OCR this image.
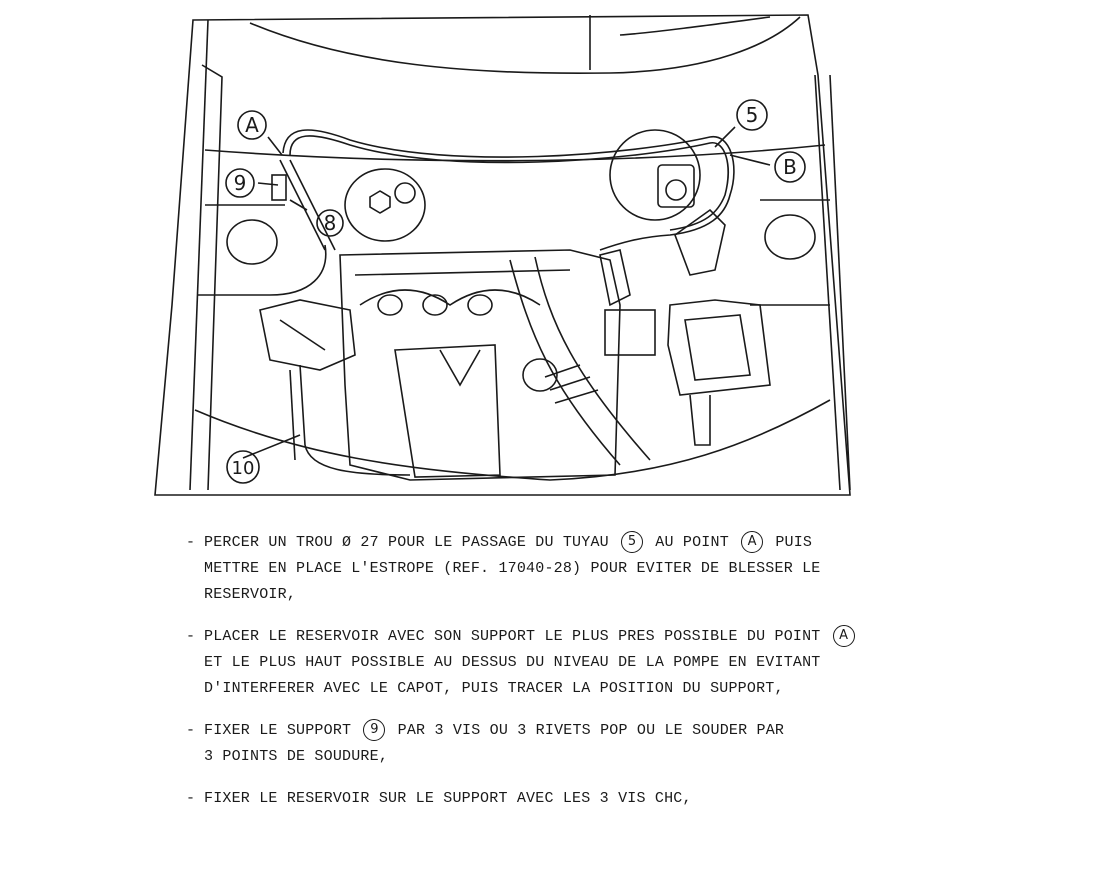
A
9
8
5
B
10
- PERCER UN TROU Ø 27 POUR LE PASSAGE DU TUYAU 5 AU POINT A PUIS
METTRE EN PLACE L'ESTROPE (REF. 17040-28) POUR EVITER DE BLESSER LE
RESERVOIR,
- PLACER LE RESERVOIR AVEC SON SUPPORT LE PLUS PRES POSSIBLE DU POINT A
ET LE PLUS HAUT POSSIBLE AU DESSUS DU NIVEAU DE LA POMPE EN EVITANT
D'INTERFERER AVEC LE CAPOT, PUIS TRACER LA POSITION DU SUPPORT,
- FIXER LE SUPPORT 9 PAR 3 VIS OU 3 RIVETS POP OU LE SOUDER PAR
3 POINTS DE SOUDURE,
- FIXER LE RESERVOIR SUR LE SUPPORT AVEC LES 3 VIS CHC,
